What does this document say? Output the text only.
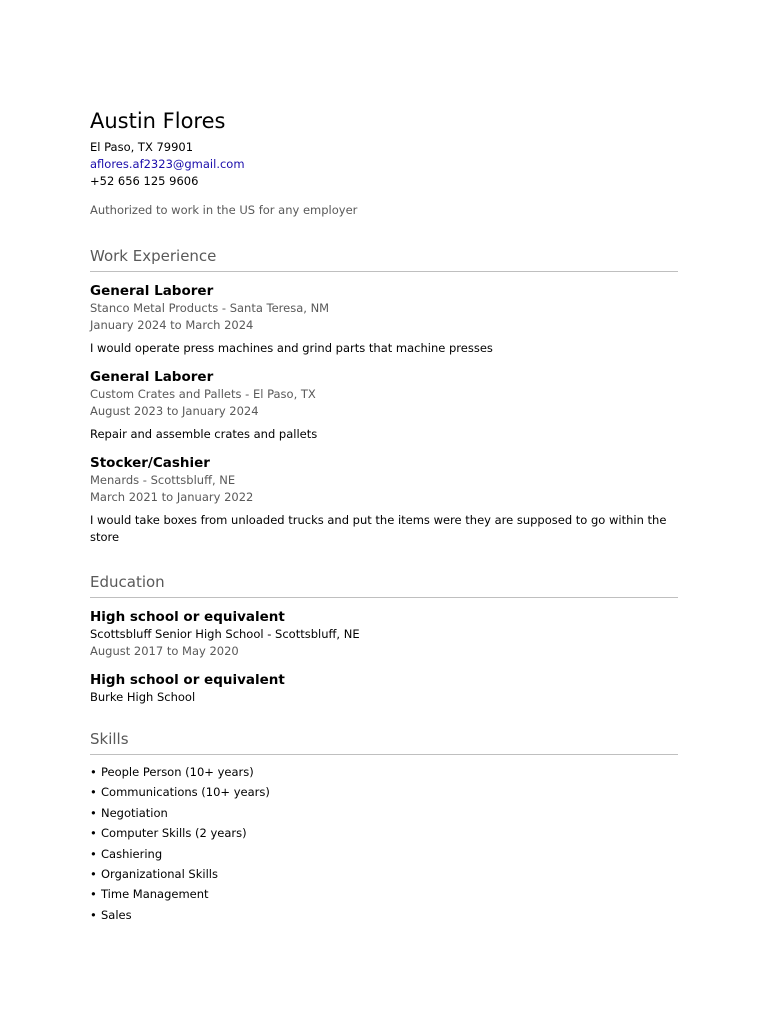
Austin Flores
El Paso, TX 79901
aflores.af2323@gmail.com
+52 656 125 9606
Authorized to work in the US for any employer
Work Experience
General Laborer
Stanco Metal Products - Santa Teresa, NM
January 2024 to March 2024
I would operate press machines and grind parts that machine presses
General Laborer
Custom Crates and Pallets - El Paso, TX
August 2023 to January 2024
Repair and assemble crates and pallets
Stocker/Cashier
Menards - Scottsbluff, NE
March 2021 to January 2022
I would take boxes from unloaded trucks and put the items were they are supposed to go within the store
Education
High school or equivalent
Scottsbluff Senior High School - Scottsbluff, NE
August 2017 to May 2020
High school or equivalent
Burke High School
Skills
• People Person (10+ years)
• Communications (10+ years)
• Negotiation
• Computer Skills (2 years)
• Cashiering
• Organizational Skills
• Time Management
• Sales
